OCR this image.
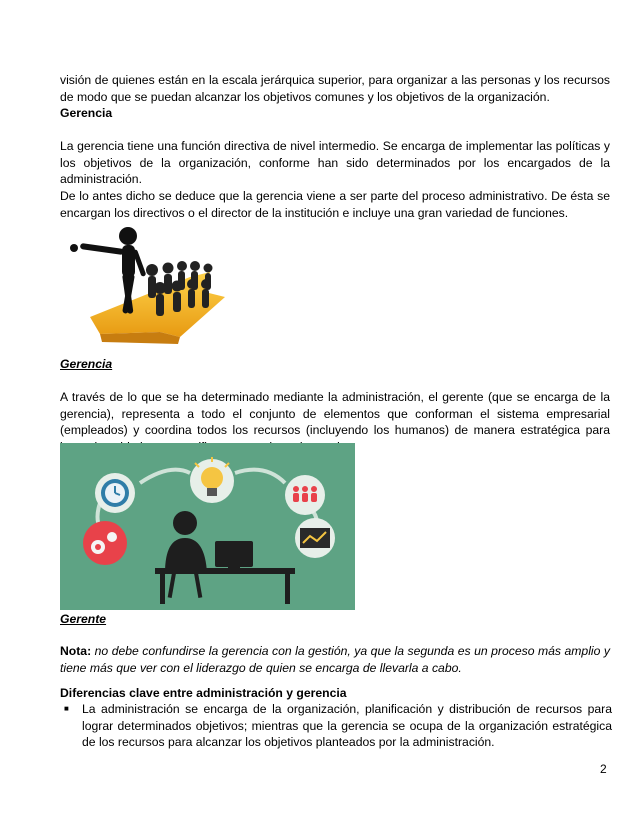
visión de quienes están en la escala jerárquica superior, para organizar a las personas y los recursos de modo que se puedan alcanzar los objetivos comunes y los objetivos de la organización.

Gerencia

La gerencia tiene una función directiva de nivel intermedio. Se encarga de implementar las políticas y los objetivos de la organización, conforme han sido determinados por los encargados de la administración.

De lo antes dicho se deduce que la gerencia viene a ser parte del proceso administrativo. De ésta se encargan los directivos o el director de la institución e incluye una gran variedad de funciones.

Gerencia

A través de lo que se ha determinado mediante la administración, el gerente (que se encarga de la gerencia), representa a todo el conjunto de elementos que conforman el sistema empresarial (empleados) y coordina todos los recursos (incluyendo los humanos) de manera estratégica para

Gerente

Nota: no debe confundirse la gerencia con la gestión, ya que la segunda es un proceso más amplio y tiene más que ver con el liderazgo de quien se encarga de llevarla a cabo.

Diferencias clave entre administración y gerencia

■ La administración se encarga de la organización, planificación y distribución de recursos para lograr determinados objetivos; mientras que la gerencia se ocupa de la organización estratégica de los recursos para alcanzar los objetivos planteados por la administración.
2
